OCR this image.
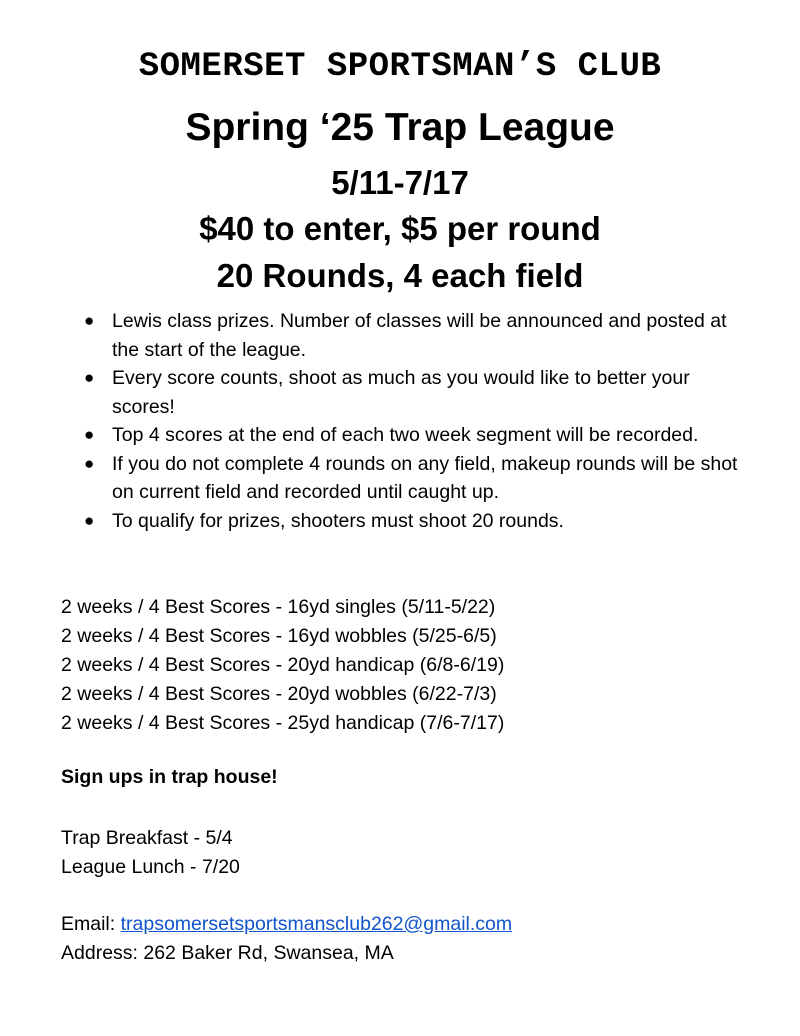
SOMERSET SPORTSMAN’S CLUB
Spring ‘25 Trap League
5/11-7/17
$40 to enter, $5 per round
20 Rounds, 4 each field
● Lewis class prizes. Number of classes will be announced and posted at the start of the league.
● Every score counts, shoot as much as you would like to better your scores!
● Top 4 scores at the end of each two week segment will be recorded.
● If you do not complete 4 rounds on any field, makeup rounds will be shot on current field and recorded until caught up.
● To qualify for prizes, shooters must shoot 20 rounds.
2 weeks / 4 Best Scores - 16yd singles (5/11-5/22)
2 weeks / 4 Best Scores - 16yd wobbles (5/25-6/5)
2 weeks / 4 Best Scores - 20yd handicap (6/8-6/19)
2 weeks / 4 Best Scores - 20yd wobbles (6/22-7/3)
2 weeks / 4 Best Scores - 25yd handicap (7/6-7/17)
Sign ups in trap house!
Trap Breakfast - 5/4
League Lunch - 7/20
Email: trapsomersetsportsmansclub262@gmail.com
Address: 262 Baker Rd, Swansea, MA
